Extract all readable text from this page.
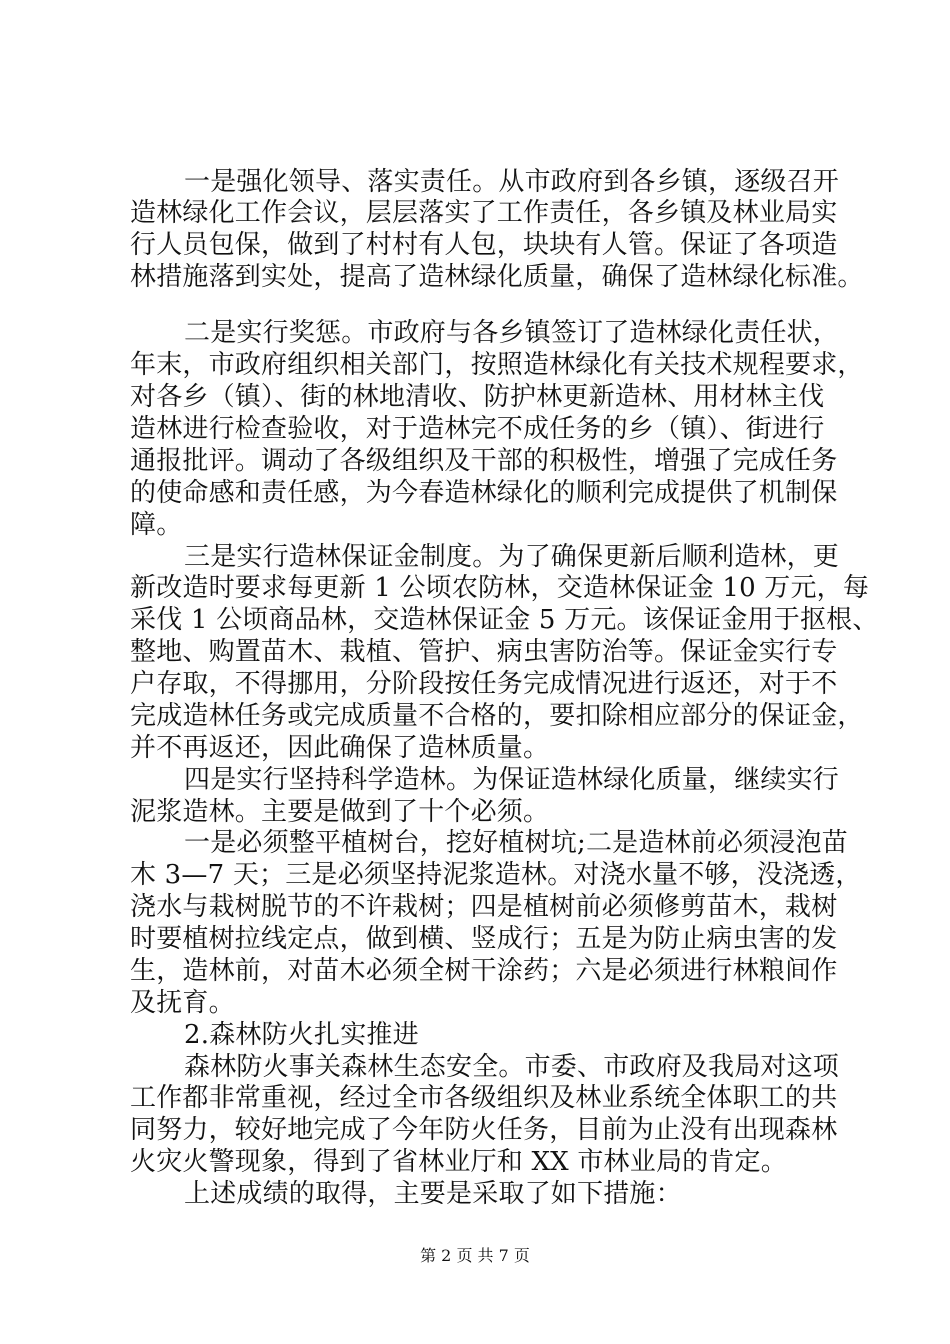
一是强化领导、落实责任。从市政府到各乡镇，逐级召开
造林绿化工作会议，层层落实了工作责任，各乡镇及林业局实
行人员包保，做到了村村有人包，块块有人管。保证了各项造
林措施落到实处，提高了造林绿化质量，确保了造林绿化标准。
二是实行奖惩。市政府与各乡镇签订了造林绿化责任状，
年末，市政府组织相关部门，按照造林绿化有关技术规程要求，
对各乡（镇）、街的林地清收、防护林更新造林、用材林主伐
造林进行检查验收，对于造林完不成任务的乡（镇）、街进行
通报批评。调动了各级组织及干部的积极性，增强了完成任务
的使命感和责任感，为今春造林绿化的顺利完成提供了机制保
障。
三是实行造林保证金制度。为了确保更新后顺利造林，更
新改造时要求每更新 1 公顷农防林，交造林保证金 10 万元，每
采伐 1 公顷商品林，交造林保证金 5 万元。该保证金用于抠根、
整地、购置苗木、栽植、管护、病虫害防治等。保证金实行专
户存取，不得挪用，分阶段按任务完成情况进行返还，对于不
完成造林任务或完成质量不合格的，要扣除相应部分的保证金，
并不再返还，因此确保了造林质量。
四是实行坚持科学造林。为保证造林绿化质量，继续实行
泥浆造林。主要是做到了十个必须。
一是必须整平植树台，挖好植树坑;二是造林前必须浸泡苗
木 3—7 天；三是必须坚持泥浆造林。对浇水量不够，没浇透，
浇水与栽树脱节的不许栽树；四是植树前必须修剪苗木，栽树
时要植树拉线定点，做到横、竖成行；五是为防止病虫害的发
生，造林前，对苗木必须全树干涂药；六是必须进行林粮间作
及抚育。
2.森林防火扎实推进
森林防火事关森林生态安全。市委、市政府及我局对这项
工作都非常重视，经过全市各级组织及林业系统全体职工的共
同努力，较好地完成了今年防火任务，目前为止没有出现森林
火灾火警现象，得到了省林业厅和 XX 市林业局的肯定。
上述成绩的取得，主要是采取了如下措施：
第 2 页 共 7 页
